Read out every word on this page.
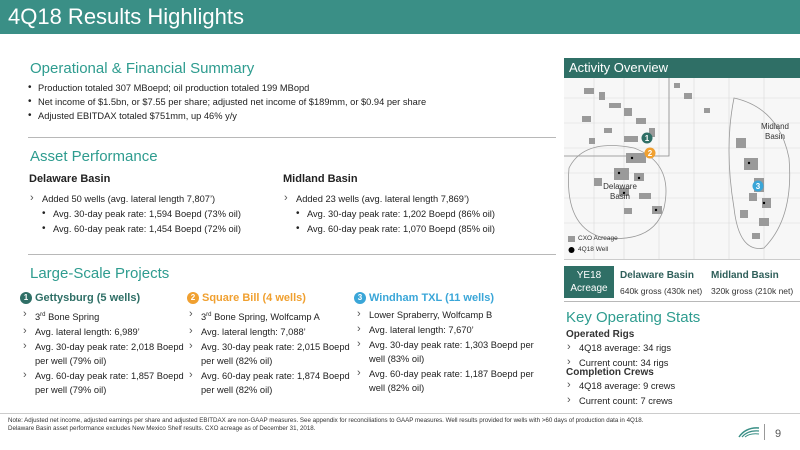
4Q18 Results Highlights
Operational & Financial Summary
• Production totaled 307 MBoepd; oil production totaled 199 MBopd
• Net income of $1.5bn, or $7.55 per share; adjusted net income of $189mm, or $0.94 per share
• Adjusted EBITDAX totaled $751mm, up 46% y/y
Asset Performance
Delaware Basin
› Added 50 wells (avg. lateral length 7,807’)
• Avg. 30-day peak rate: 1,594 Boepd (73% oil)
• Avg. 60-day peak rate: 1,454 Boepd (72% oil)
Midland Basin
› Added 23 wells (avg. lateral length 7,869’)
• Avg. 30-day peak rate: 1,202 Boepd (86% oil)
• Avg. 60-day peak rate: 1,070 Boepd (85% oil)
Large-Scale Projects
1 Gettysburg (5 wells)
› 3rd Bone Spring
› Avg. lateral length: 6,989’
› Avg. 30-day peak rate: 2,018 Boepd per well (79% oil)
› Avg. 60-day peak rate: 1,857 Boepd per well (79% oil)
2 Square Bill (4 wells)
› 3rd Bone Spring, Wolfcamp A
› Avg. lateral length: 7,088’
› Avg. 30-day peak rate: 2,015 Boepd per well (82% oil)
› Avg. 60-day peak rate: 1,874 Boepd per well (82% oil)
3 Windham TXL (11 wells)
› Lower Spraberry, Wolfcamp B
› Avg. lateral length: 7,670’
› Avg. 30-day peak rate: 1,303 Boepd per well (83% oil)
› Avg. 60-day peak rate: 1,187 Boepd per well (82% oil)
Activity Overview
1
2
3
Delaware Basin
Midland Basin
CXO Acreage
4Q18 Well
YE18 Acreage
Delaware Basin
640k gross (430k net)
Midland Basin
320k gross (210k net)
Key Operating Stats
Operated Rigs
› 4Q18 average: 34 rigs
› Current count: 34 rigs
Completion Crews
› 4Q18 average: 9 crews
› Current count: 7 crews
Note: Adjusted net income, adjusted earnings per share and adjusted EBITDAX are non-GAAP measures. See appendix for reconciliations to GAAP measures. Well results provided for wells with >60 days of production data in 4Q18. Delaware Basin asset performance excludes New Mexico Shelf results. CXO acreage as of December 31, 2018.	9
